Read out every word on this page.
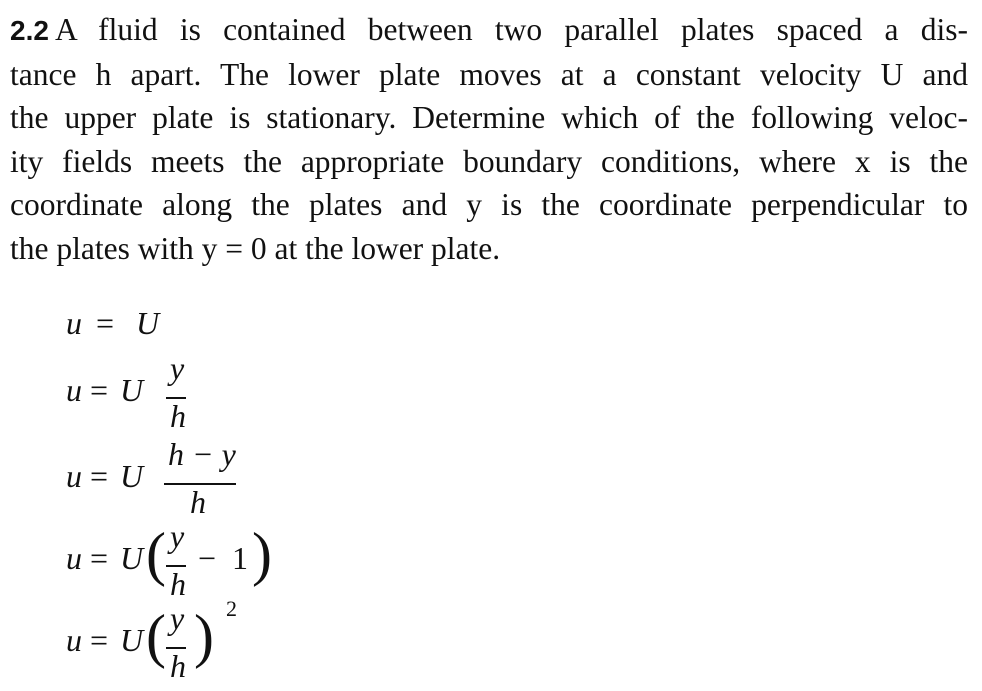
2.2 A fluid is contained between two parallel plates spaced a dis-
tance h apart. The lower plate moves at a constant velocity U and
the upper plate is stationary. Determine which of the following veloc-
ity fields meets the appropriate boundary conditions, where x is the
coordinate along the plates and y is the coordinate perpendicular to
the plates with y = 0 at the lower plate.
u = U
u = U
y
h
u = U
h − y
h
u = U ( y
h
− 1 )
u = U ( y
h ) 2
